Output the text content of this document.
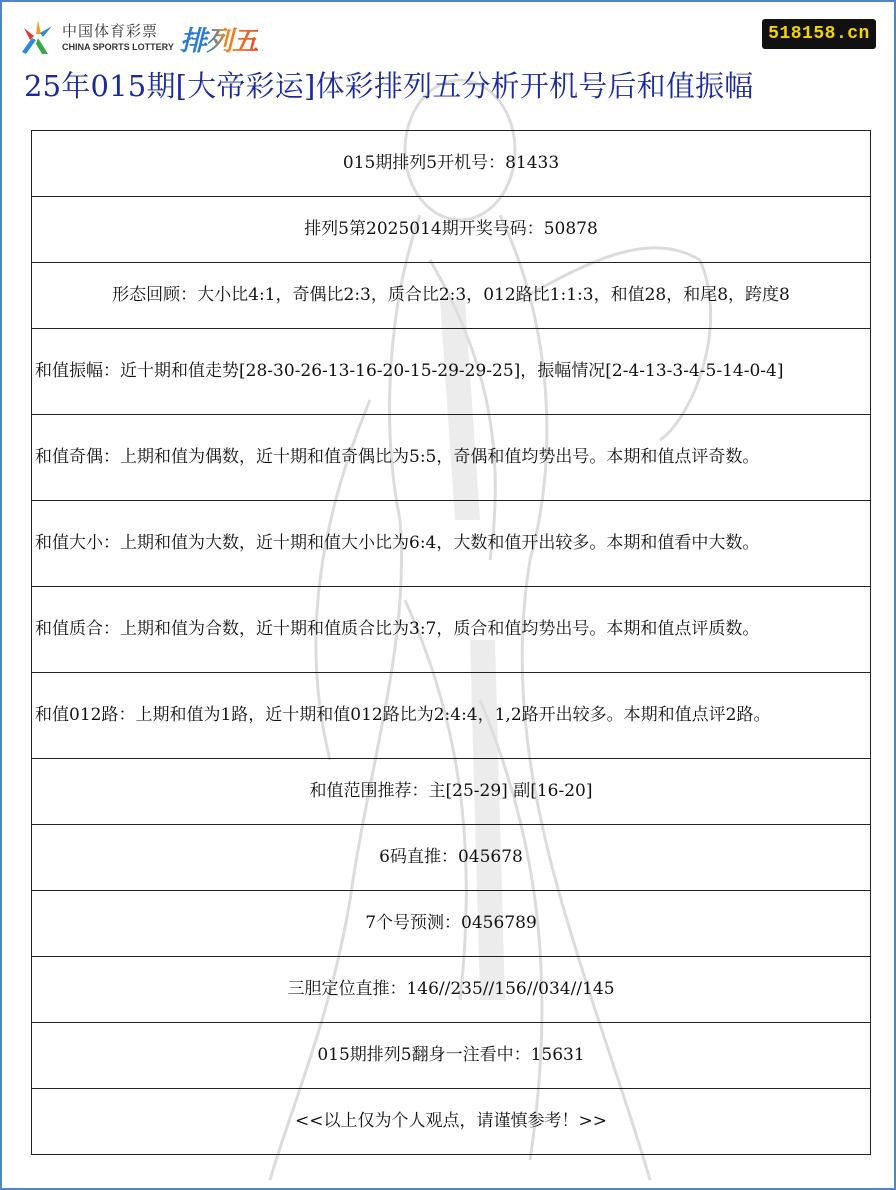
中国体育彩票
CHINA SPORTS LOTTERY 排列五	518158.cn
25年015期[大帝彩运]体彩排列五分析开机号后和值振幅
015期排列5开机号：81433
排列5第2025014期开奖号码：50878
形态回顾：大小比4:1，奇偶比2:3，质合比2:3，012路比1:1:3，和值28，和尾8，跨度8
和值振幅：近十期和值走势[28-30-26-13-16-20-15-29-29-25]，振幅情况[2-4-13-3-4-5-14-0-4]
和值奇偶：上期和值为偶数，近十期和值奇偶比为5:5，奇偶和值均势出号。本期和值点评奇数。
和值大小：上期和值为大数，近十期和值大小比为6:4，大数和值开出较多。本期和值看中大数。
和值质合：上期和值为合数，近十期和值质合比为3:7，质合和值均势出号。本期和值点评质数。
和值012路：上期和值为1路，近十期和值012路比为2:4:4，1,2路开出较多。本期和值点评2路。
和值范围推荐：主[25-29] 副[16-20]
6码直推：045678
7个号预测：0456789
三胆定位直推：146//235//156//034//145
015期排列5翻身一注看中：15631
<<以上仅为个人观点，请谨慎参考！>>
